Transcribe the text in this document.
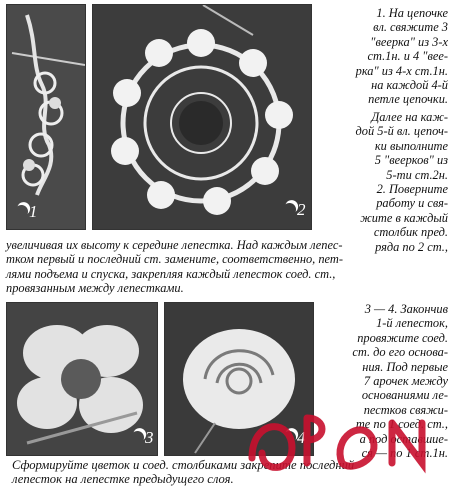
1	2

1. На цепочке
вл. свяжите 3
"веерка" из 3-х
ст.1н. и 4 "вее-
рка" из 4-х ст.1н.
на каждой 4-й
петле цепочки.

Далее на каж-
дой 5-й вл. цепоч-
ки выполните
5 "веерков" из
5-ти ст.2н.

2. Поверните
работу и свя-
жите в каждый
столбик пред.
ряда по 2 ст.,

увеличивая их высоту к середине лепестка. Над каждым лепес-
тком первый и последний ст. замените, соответственно, пет-
лями подъема и спуска, закрепляя каждый лепесток соед. ст.,
провязанным между лепестками.

3	4

3 — 4. Закончив
1-й лепесток,
провяжите соед.
ст. до его основа-
ния. Под первые
7 арочек между
основаниями ле-
пестков свяжи-
те по 1 соед. ст.,
а под оставшие-
ся — по 1 ст.1н.

Сформируйте цветок и соед. столбиками закрепите последний
лепесток на лепестке предыдущего слоя.
